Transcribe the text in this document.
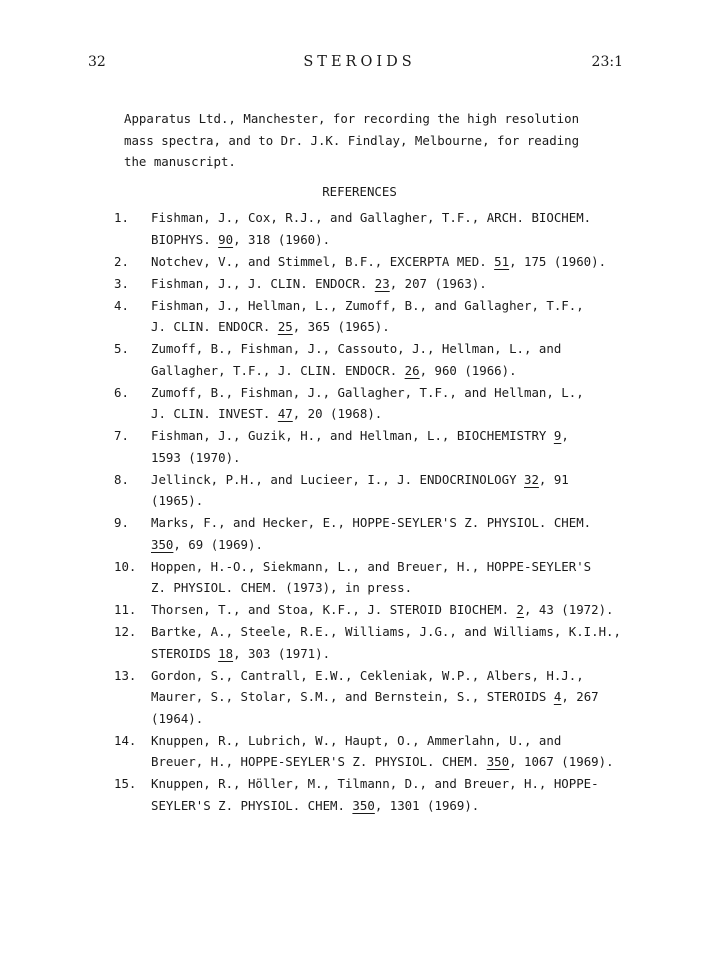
STEROIDS
32	23:1
Apparatus Ltd., Manchester, for recording the high resolution
mass spectra, and to Dr. J.K. Findlay, Melbourne, for reading
the manuscript.
REFERENCES
1. Fishman, J., Cox, R.J., and Gallagher, T.F., ARCH. BIOCHEM.
BIOPHYS. 90, 318 (1960).
2. Notchev, V., and Stimmel, B.F., EXCERPTA MED. 51, 175 (1960).
3. Fishman, J., J. CLIN. ENDOCR. 23, 207 (1963).
4. Fishman, J., Hellman, L., Zumoff, B., and Gallagher, T.F.,
J. CLIN. ENDOCR. 25, 365 (1965).
5. Zumoff, B., Fishman, J., Cassouto, J., Hellman, L., and
Gallagher, T.F., J. CLIN. ENDOCR. 26, 960 (1966).
6. Zumoff, B., Fishman, J., Gallagher, T.F., and Hellman, L.,
J. CLIN. INVEST. 47, 20 (1968).
7. Fishman, J., Guzik, H., and Hellman, L., BIOCHEMISTRY 9,
1593 (1970).
8. Jellinck, P.H., and Lucieer, I., J. ENDOCRINOLOGY 32, 91
(1965).
9. Marks, F., and Hecker, E., HOPPE-SEYLER'S Z. PHYSIOL. CHEM.
350, 69 (1969).
10. Hoppen, H.-O., Siekmann, L., and Breuer, H., HOPPE-SEYLER'S
Z. PHYSIOL. CHEM. (1973), in press.
11. Thorsen, T., and Stoa, K.F., J. STEROID BIOCHEM. 2, 43 (1972).
12. Bartke, A., Steele, R.E., Williams, J.G., and Williams, K.I.H.,
STEROIDS 18, 303 (1971).
13. Gordon, S., Cantrall, E.W., Cekleniak, W.P., Albers, H.J.,
Maurer, S., Stolar, S.M., and Bernstein, S., STEROIDS 4, 267
(1964).
14. Knuppen, R., Lubrich, W., Haupt, O., Ammerlahn, U., and
Breuer, H., HOPPE-SEYLER'S Z. PHYSIOL. CHEM. 350, 1067 (1969).
15. Knuppen, R., Höller, M., Tilmann, D., and Breuer, H., HOPPE-
SEYLER'S Z. PHYSIOL. CHEM. 350, 1301 (1969).
